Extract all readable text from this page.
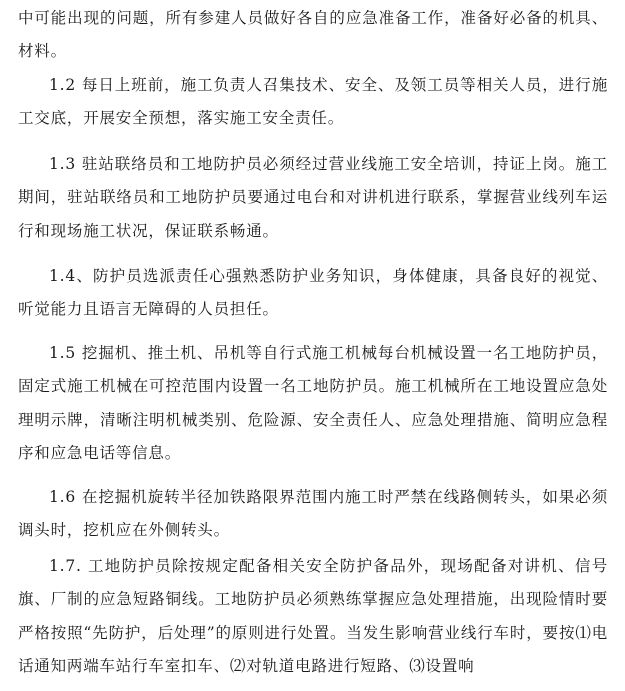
中可能出现的问题，所有参建人员做好各自的应急准备工作，准备好必备的机具、材料。

1.2 每日上班前，施工负责人召集技术、安全、及领工员等相关人员，进行施工交底，开展安全预想，落实施工安全责任。

1.3 驻站联络员和工地防护员必须经过营业线施工安全培训，持证上岗。施工期间，驻站联络员和工地防护员要通过电台和对讲机进行联系，掌握营业线列车运行和现场施工状况，保证联系畅通。

1.4、防护员选派责任心强熟悉防护业务知识，身体健康，具备良好的视觉、听觉能力且语言无障碍的人员担任。

1.5 挖掘机、推土机、吊机等自行式施工机械每台机械设置一名工地防护员，固定式施工机械在可控范围内设置一名工地防护员。施工机械所在工地设置应急处理明示牌，清晰注明机械类别、危险源、安全责任人、应急处理措施、简明应急程序和应急电话等信息。

1.6 在挖掘机旋转半径加铁路限界范围内施工时严禁在线路侧转头，如果必须调头时，挖机应在外侧转头。

1.7. 工地防护员除按规定配备相关安全防护备品外，现场配备对讲机、信号旗、厂制的应急短路铜线。工地防护员必须熟练掌握应急处理措施，出现险情时要严格按照“先防护，后处理”的原则进行处置。当发生影响营业线行车时，要按⑴电话通知两端车站行车室扣车、⑵对轨道电路进行短路、⑶设置响
